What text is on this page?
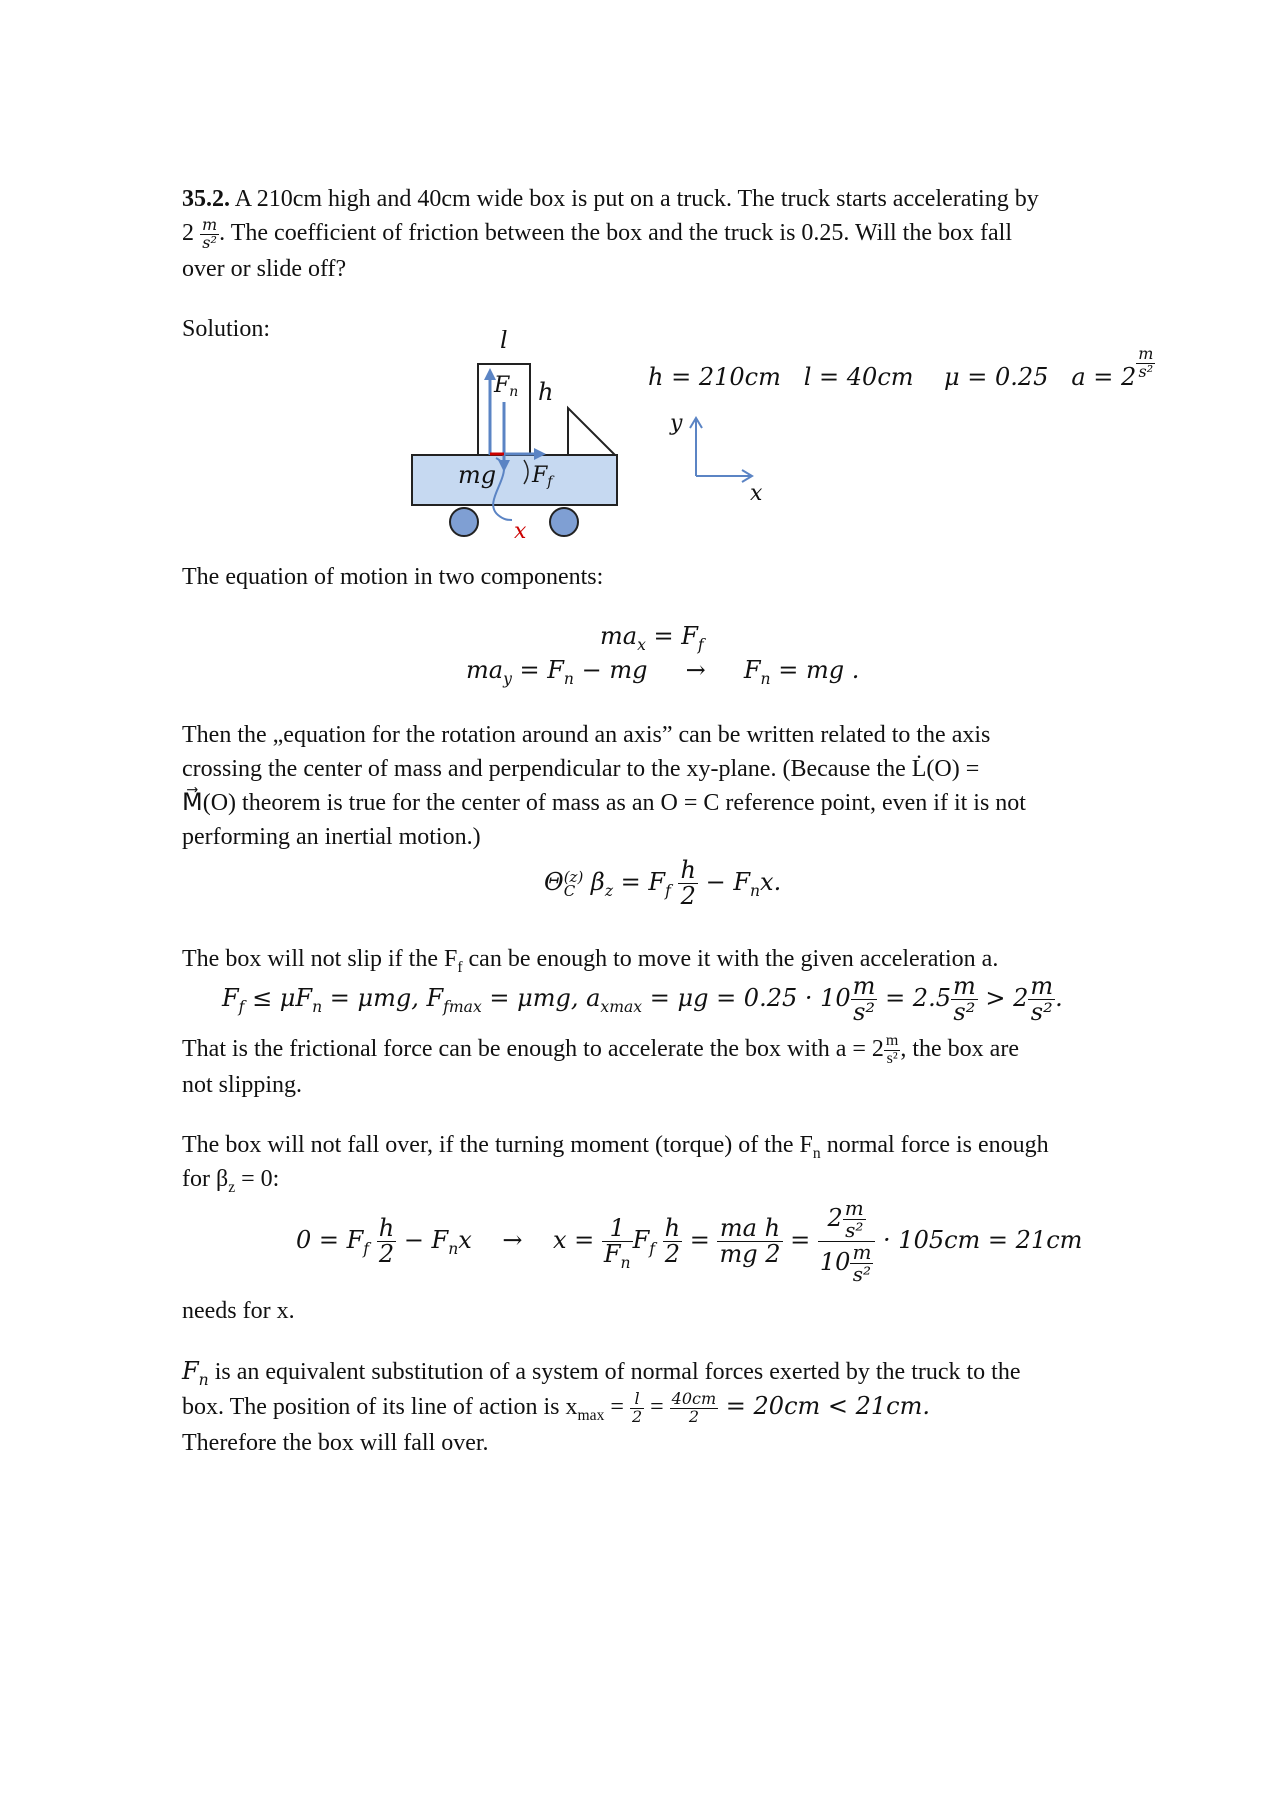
35.2. A 210cm high and 40cm wide box is put on a truck. The truck starts accelerating by
$2 \frac{m}{\text{s²}}$ . The coefficient of friction between the box and the truck is 0.25. Will the box fall
over or slide off?
Solution:
h = 210cm l = 40cm μ = 0.25 $a = 2 \frac{m}{\text{s²}}$
l
Fn h
mg Ff
x
y
x
The equation of motion in two components:
$ma_x = F_f$
$ma_y = F_n$ − mg → $F_n$ = mg .
Then the „equation for the rotation around an axis” can be written related to the axis
crossing the center of mass and perpendicular to the xy-plane. (Because the L̇(O) =
M⃗(O) theorem is true for the center of mass as an O = C reference point, even if it is not
performing an inertial motion.)
Θ (z)
C $\beta_z = F_f \frac{h}{2} - F_nx$.
The box will not slip if the $F_f$ can be enough to move it with the given acceleration a.
$F_f \le \mu F_n = \mu mg$, $F_{fmax} = \mu mg$, $a_{xmax} = \mu g = 0.25 \cdot 10 \frac{m}{\text{s²}} = 2.5 \frac{m}{\text{s²}} > 2 \frac{m}{\text{s²}}$ .
That is the frictional force can be enough to accelerate the box with $a = 2 \frac{m}{\text{s²}}$ , the box are
not slipping.
The box will not fall over, if the turning moment (torque) of the $F_n$ normal force is enough
for $\beta_z = 0$:
$0 = F_f \frac{h}{2} - F_nx \to x = \frac{1}{F_n} F_f \frac{h}{2} = \frac{\text{ma h}}{mg 2} = \frac{2 \frac{m}{\text{s²}}}{10 \frac{m}{\text{s²}}} \cdot 105cm = 21cm$
needs for x.
$F_n$ is an equivalent substitution of a system of normal forces exerted by the truck to the
box. The position of its line of action is $x_{max} = \frac{l}{2} = \frac{40cm}{2} = 20cm < 21cm$.
Therefore the box will fall over.
